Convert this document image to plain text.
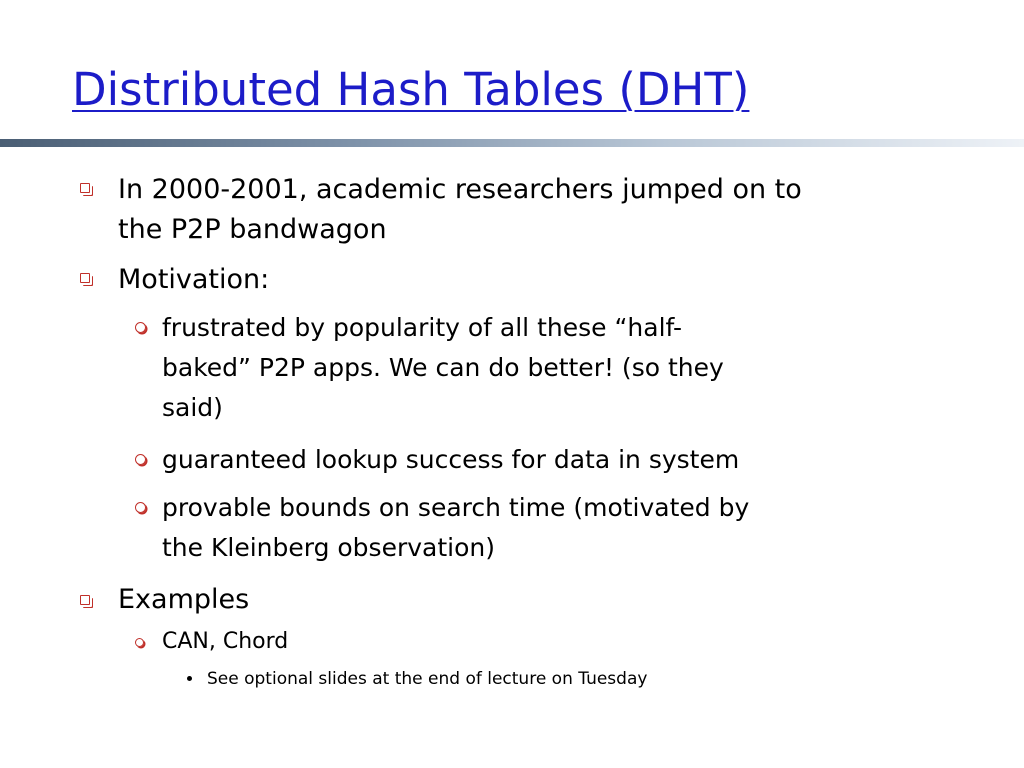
Distributed Hash Tables (DHT)
In 2000-2001, academic researchers jumped on to
the P2P bandwagon
Motivation:
frustrated by popularity of all these “half-
baked” P2P apps. We can do better! (so they
said)
guaranteed lookup success for data in system
provable bounds on search time (motivated by
the Kleinberg observation)
Examples
CAN, Chord
See optional slides at the end of lecture on Tuesday
